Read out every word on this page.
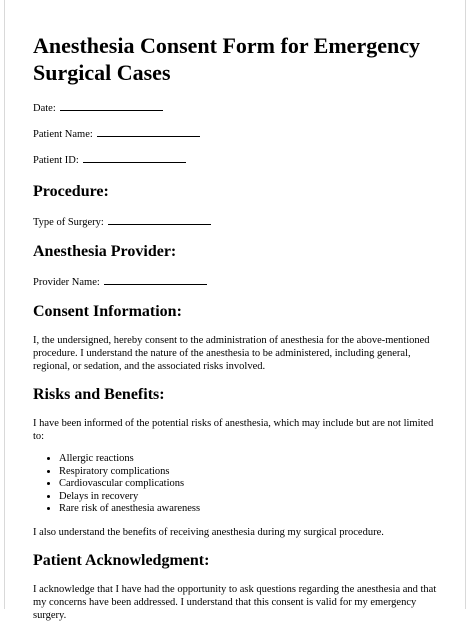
Anesthesia Consent Form for Emergency Surgical Cases
Date:
Patient Name:
Patient ID:
Procedure:
Type of Surgery:
Anesthesia Provider:
Provider Name:
Consent Information:

I, the undersigned, hereby consent to the administration of anesthesia for the above-mentioned procedure. I understand the nature of the anesthesia to be administered, including general, regional, or sedation, and the associated risks involved.

Risks and Benefits:

I have been informed of the potential risks of anesthesia, which may include but are not limited to:

• Allergic reactions
• Respiratory complications
• Cardiovascular complications
• Delays in recovery
• Rare risk of anesthesia awareness

I also understand the benefits of receiving anesthesia during my surgical procedure.

Patient Acknowledgment:

I acknowledge that I have had the opportunity to ask questions regarding the anesthesia and that my concerns have been addressed. I understand that this consent is valid for my emergency surgery.
